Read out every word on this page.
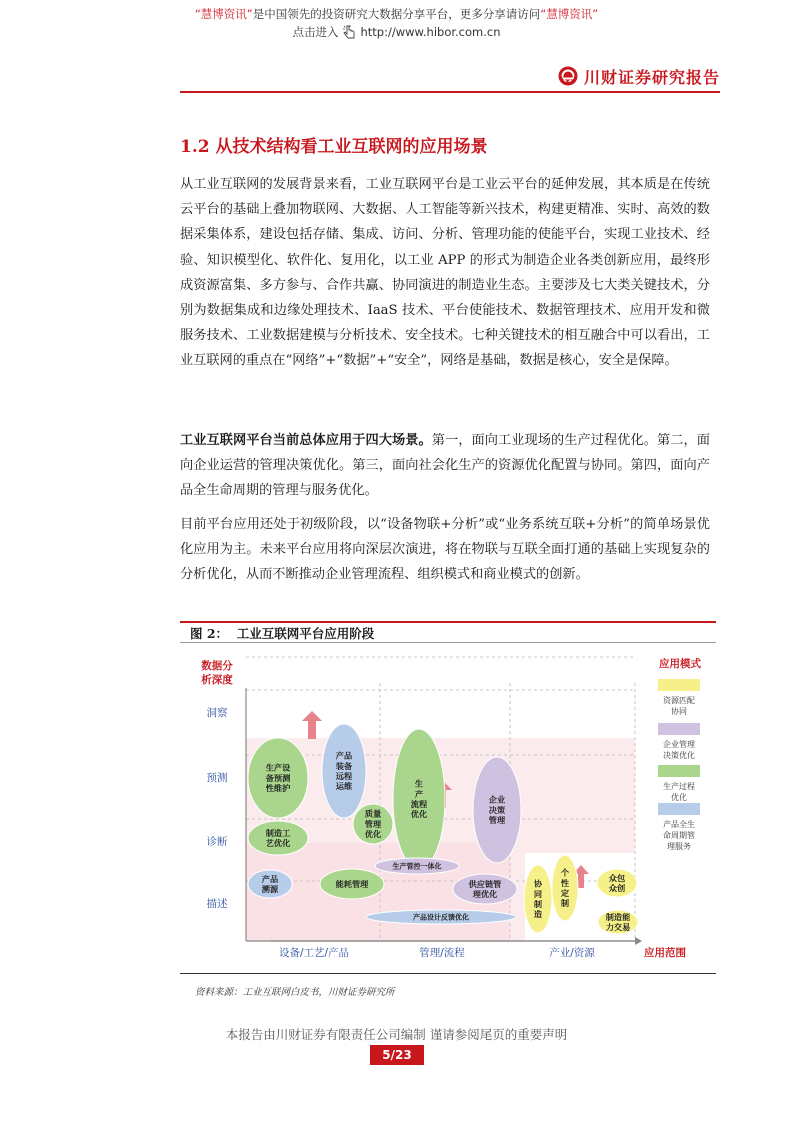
“慧博资讯”是中国领先的投资研究大数据分享平台，更多分享请访问“慧博资讯”
点击进入 http://www.hibor.com.cn
川财证券研究报告
1.2 从技术结构看工业互联网的应用场景
从工业互联网的发展背景来看，工业互联网平台是工业云平台的延伸发展，其本质是在传统云平台的基础上叠加物联网、大数据、人工智能等新兴技术，构建更精准、实时、高效的数据采集体系，建设包括存储、集成、访问、分析、管理功能的使能平台，实现工业技术、经验、知识模型化、软件化、复用化，以工业 APP 的形式为制造企业各类创新应用，最终形成资源富集、多方参与、合作共赢、协同演进的制造业生态。主要涉及七大类关键技术，分别为数据集成和边缘处理技术、IaaS 技术、平台使能技术、数据管理技术、应用开发和微服务技术、工业数据建模与分析技术、安全技术。七种关键技术的相互融合中可以看出，工业互联网的重点在“网络”+“数据”+“安全”，网络是基础，数据是核心，安全是保障。
工业互联网平台当前总体应用于四大场景。第一，面向工业现场的生产过程优化。第二，面向企业运营的管理决策优化。第三，面向社会化生产的资源优化配置与协同。第四，面向产品全生命周期的管理与服务优化。
目前平台应用还处于初级阶段，以“设备物联+分析”或“业务系统互联+分析”的简单场景优化应用为主。未来平台应用将向深层次演进，将在物联与互联全面打通的基础上实现复杂的分析优化，从而不断推动企业管理流程、组织模式和商业模式的创新。
图 2： 工业互联网平台应用阶段
数据分
析深度
描述
诊断
预测
洞察
设备/工艺/产品	管理/流程	产业/资源	应用范围
应用模式
资源匹配
协同
企业管理
决策优化
生产过程
优化
产品全生
命周期管
理服务
生产设
备预测
性维护
产品
装备
远程
运维	生
产
流程
优化
企业
决策
管理
质量
管理
优化
制造工
艺优化
产品
溯源
能耗管理	供应链管
理优化
生产管控一体化
产品设计反馈优化
协
同
制
造
个
性
定
制
众包
众创
制造能
力交易
资料来源：工业互联网白皮书，川财证券研究所
本报告由川财证券有限责任公司编制 谨请参阅尾页的重要声明
5/23
